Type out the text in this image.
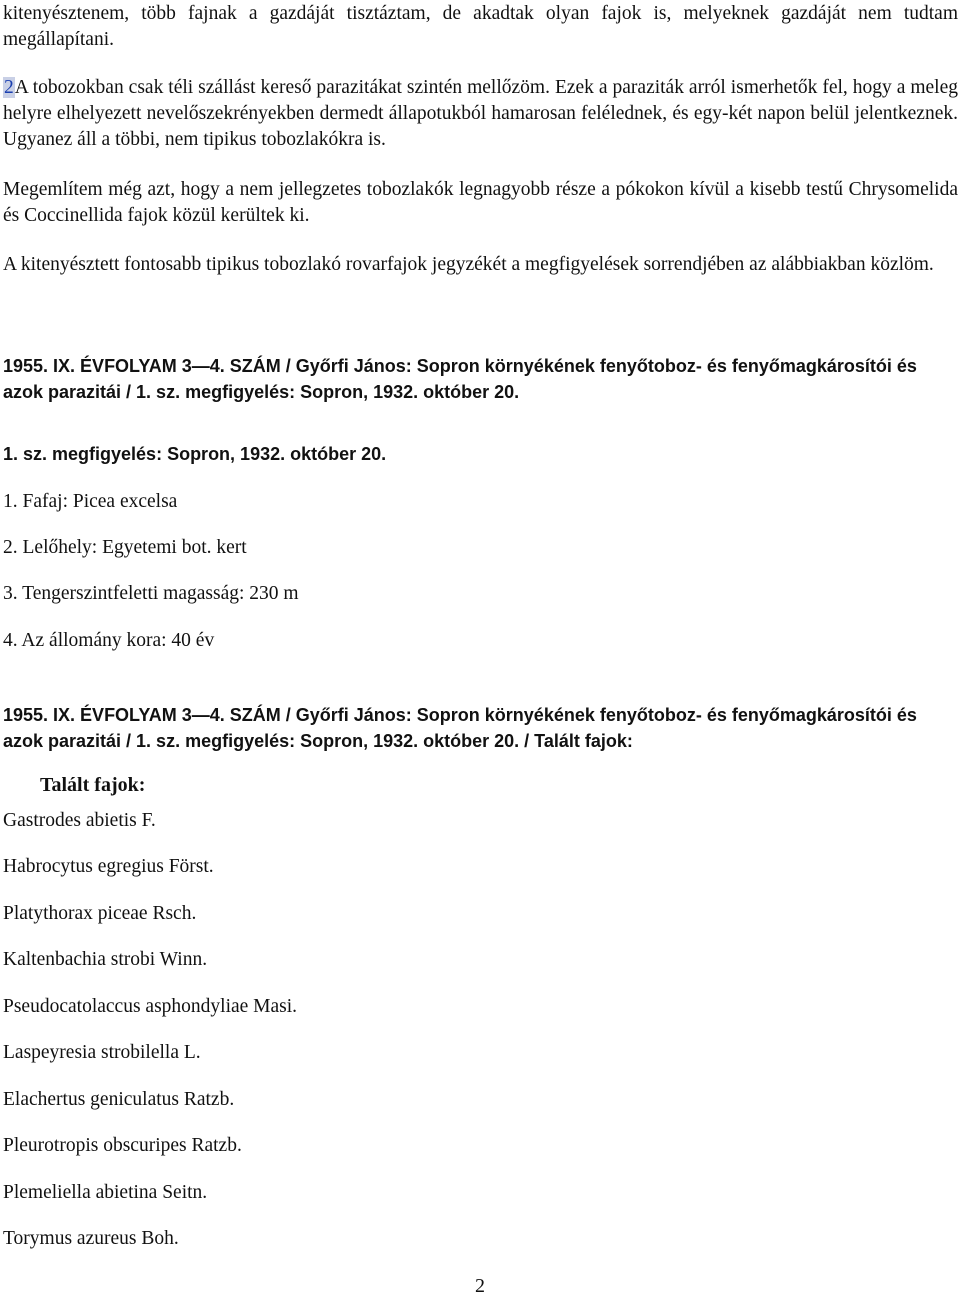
kitenyésztenem, több fajnak a gazdáját tisztáztam, de akadtak olyan fajok is, melyeknek gazdáját nem tudtam megállapítani.

2A tobozokban csak téli szállást kereső parazitákat szintén mellőzöm. Ezek a paraziták arról ismerhetők fel, hogy a meleg helyre elhelyezett nevelőszekrényekben dermedt állapotukból hamarosan felélednek, és egy-két napon belül jelentkeznek. Ugyanez áll a többi, nem tipikus tobozlakókra is.

Megemlítem még azt, hogy a nem jellegzetes tobozlakók legnagyobb része a pókokon kívül a kisebb testű Chrysomelida és Coccinellida fajok közül kerültek ki.

A kitenyésztett fontosabb tipikus tobozlakó rovarfajok jegyzékét a megfigyelések sorrendjében az alábbiakban közlöm.

1955. IX. ÉVFOLYAM 3—4. SZÁM / Győrfi János: Sopron környékének fenyőtoboz- és fenyőmagkárosítói és azok parazitái / 1. sz. megfigyelés: Sopron, 1932. október 20.

1. sz. megfigyelés: Sopron, 1932. október 20.

1. Fafaj: Picea excelsa

2. Lelőhely: Egyetemi bot. kert

3. Tengerszintfeletti magasság: 230 m

4. Az állomány kora: 40 év

1955. IX. ÉVFOLYAM 3—4. SZÁM / Győrfi János: Sopron környékének fenyőtoboz- és fenyőmagkárosítói és azok parazitái / 1. sz. megfigyelés: Sopron, 1932. október 20. / Talált fajok:

Talált fajok:

Gastrodes abietis F.

Habrocytus egregius Först.

Platythorax piceae Rsch.

Kaltenbachia strobi Winn.

Pseudocatolaccus asphondyliae Masi.

Laspeyresia strobilella L.

Elachertus geniculatus Ratzb.

Pleurotropis obscuripes Ratzb.

Plemeliella abietina Seitn.

Torymus azureus Boh.

2
